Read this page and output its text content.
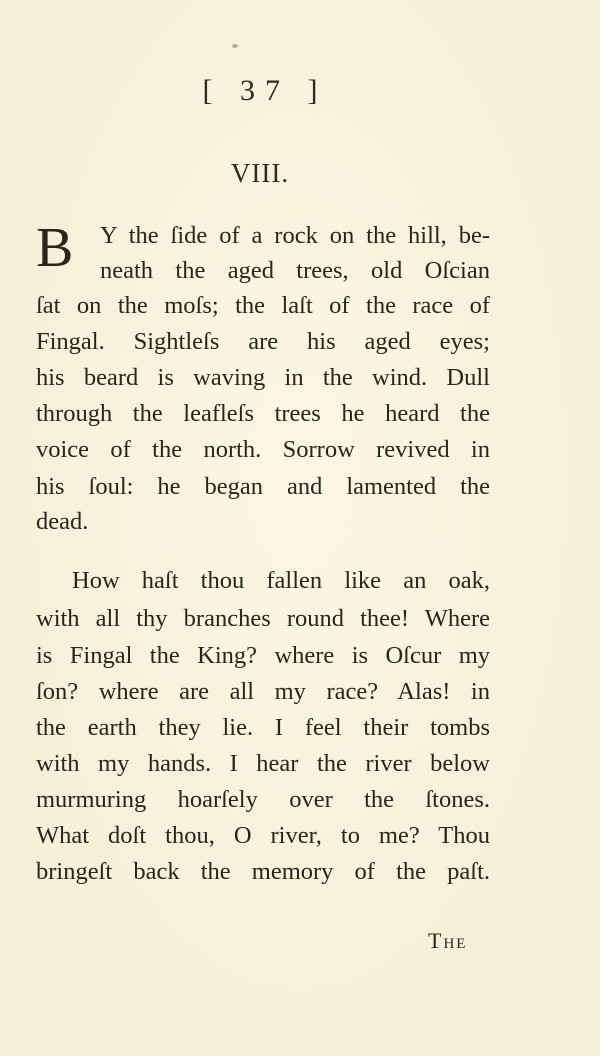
[ 37 ]
VIII.
B Y the ſide of a rock on the hill, be-
neath the aged trees, old Oſcian
ſat on the moſs; the laſt of the race of
Fingal. Sightleſs are his aged eyes;
his beard is waving in the wind. Dull
through the leafleſs trees he heard the
voice of the north. Sorrow revived in
his ſoul: he began and lamented the
dead.
How haſt thou fallen like an oak,
with all thy branches round thee! Where
is Fingal the King? where is Oſcur my
ſon? where are all my race? Alas! in
the earth they lie. I feel their tombs
with my hands. I hear the river below
murmuring hoarſely over the ſtones.
What doſt thou, O river, to me? Thou
bringeſt back the memory of the paſt.
The
